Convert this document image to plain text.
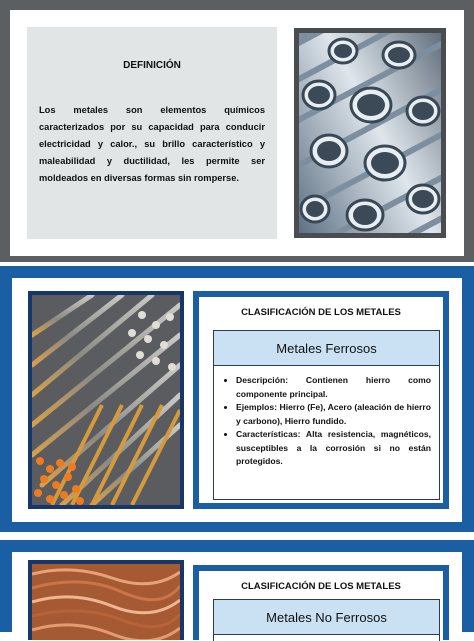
DEFINICIÓN
Los metales son elementos químicos caracterizados por su capacidad para conducir electricidad y calor., su brillo característico y maleabilidad y ductilidad, les permite ser moldeados en diversas formas sin romperse.
CLASIFICACIÓN DE LOS METALES
Metales Ferrosos
• Descripción: Contienen hierro como componente principal.
• Ejemplos: Hierro (Fe), Acero (aleación de hierro y carbono), Hierro fundido.
• Características: Alta resistencia, magnéticos, susceptibles a la corrosión si no están protegidos.
CLASIFICACIÓN DE LOS METALES
Metales No Ferrosos
